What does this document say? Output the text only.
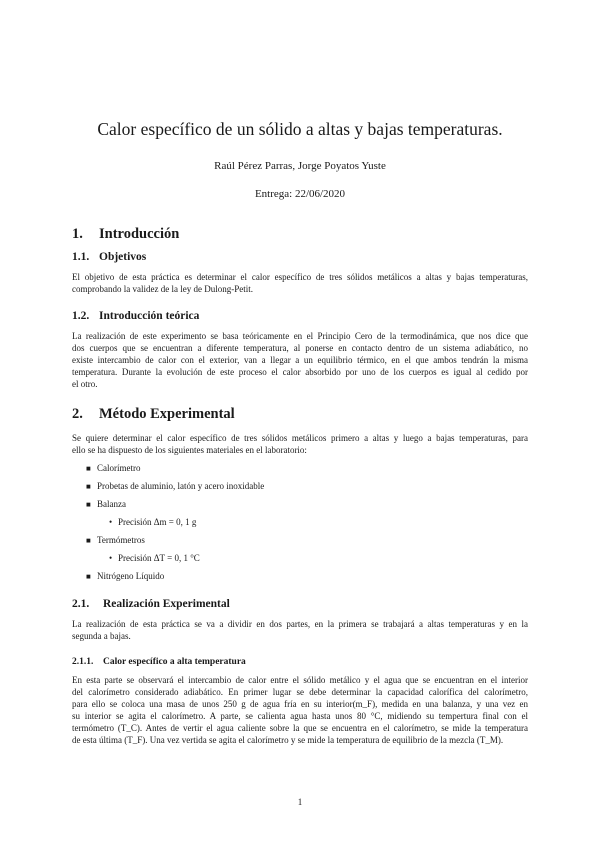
Calor específico de un sólido a altas y bajas temperaturas.
Raúl Pérez Parras, Jorge Poyatos Yuste
Entrega: 22/06/2020
1. Introducción
1.1. Objetivos
El objetivo de esta práctica es determinar el calor específico de tres sólidos metálicos a altas y bajas temperaturas,
comprobando la validez de la ley de Dulong-Petit.
1.2. Introducción teórica
La realización de este experimento se basa teóricamente en el Principio Cero de la termodinámica, que nos dice que
dos cuerpos que se encuentran a diferente temperatura, al ponerse en contacto dentro de un sistema adiabático, no
existe intercambio de calor con el exterior, van a llegar a un equilibrio térmico, en el que ambos tendrán la misma
temperatura. Durante la evolución de este proceso el calor absorbido por uno de los cuerpos es igual al cedido por
el otro.
2. Método Experimental
Se quiere determinar el calor específico de tres sólidos metálicos primero a altas y luego a bajas temperaturas, para
ello se ha dispuesto de los siguientes materiales en el laboratorio:
■ Calorímetro
■ Probetas de aluminio, latón y acero inoxidable
■ Balanza
• Precisión Δm = 0, 1 g
■ Termómetros
• Precisión ΔT = 0, 1 °C
■ Nitrógeno Líquido
2.1. Realización Experimental
La realización de esta práctica se va a dividir en dos partes, en la primera se trabajará a altas temperaturas y en la
segunda a bajas.
2.1.1. Calor específico a alta temperatura
En esta parte se observará el intercambio de calor entre el sólido metálico y el agua que se encuentran en el interior
del calorímetro considerado adiabático. En primer lugar se debe determinar la capacidad calorífica del calorímetro,
para ello se coloca una masa de unos 250 g de agua fría en su interior(m_F), medida en una balanza, y una vez en
su interior se agita el calorímetro. A parte, se calienta agua hasta unos 80 °C, midiendo su tempertura final con el
termómetro (T_C). Antes de vertir el agua caliente sobre la que se encuentra en el calorímetro, se mide la temperatura
de esta última (T_F). Una vez vertida se agita el calorímetro y se mide la temperatura de equilibrio de la mezcla (T_M).
1
